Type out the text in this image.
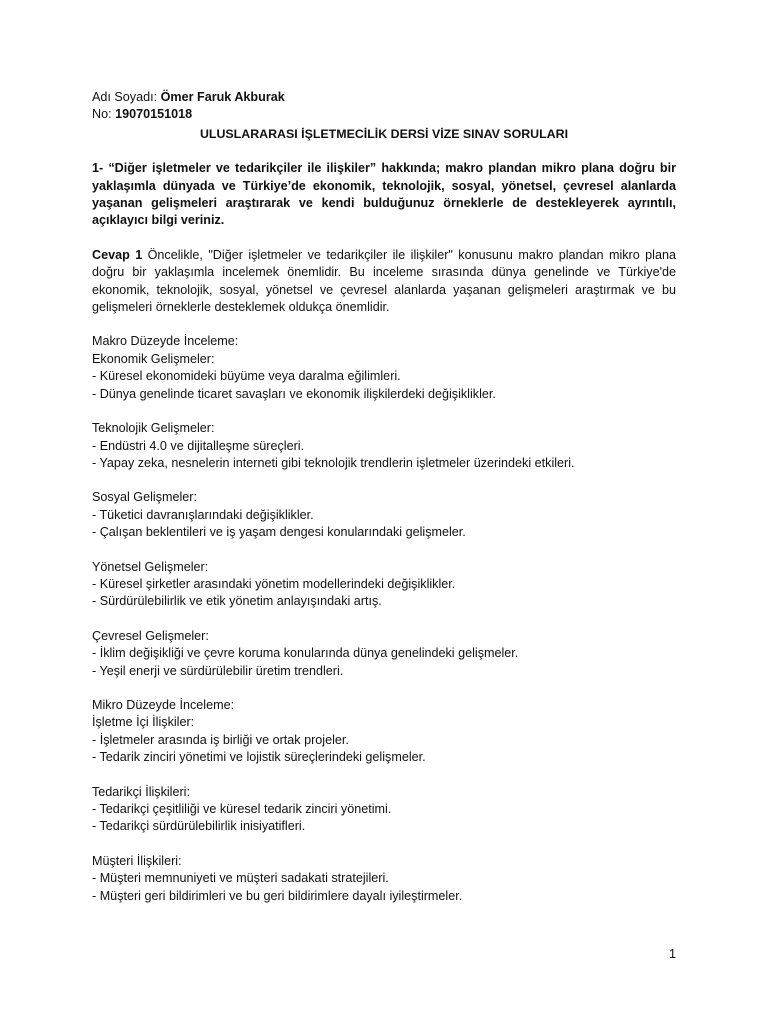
Adı Soyadı: Ömer Faruk Akburak
No: 19070151018
ULUSLARARASI İŞLETMECİLİK DERSİ VİZE SINAV SORULARI
1- “Diğer işletmeler ve tedarikçiler ile ilişkiler” hakkında; makro plandan mikro plana doğru bir yaklaşımla dünyada ve Türkiye’de ekonomik, teknolojik, sosyal, yönetsel, çevresel alanlarda yaşanan gelişmeleri araştırarak ve kendi bulduğunuz örneklerle de destekleyerek ayrıntılı, açıklayıcı bilgi veriniz.
Cevap 1 Öncelikle, "Diğer işletmeler ve tedarikçiler ile ilişkiler" konusunu makro plandan mikro plana doğru bir yaklaşımla incelemek önemlidir. Bu inceleme sırasında dünya genelinde ve Türkiye'de ekonomik, teknolojik, sosyal, yönetsel ve çevresel alanlarda yaşanan gelişmeleri araştırmak ve bu gelişmeleri örneklerle desteklemek oldukça önemlidir.
Makro Düzeyde İnceleme:
Ekonomik Gelişmeler:
- Küresel ekonomideki büyüme veya daralma eğilimleri.
- Dünya genelinde ticaret savaşları ve ekonomik ilişkilerdeki değişiklikler.
Teknolojik Gelişmeler:
- Endüstri 4.0 ve dijitalleşme süreçleri.
- Yapay zeka, nesnelerin interneti gibi teknolojik trendlerin işletmeler üzerindeki etkileri.
Sosyal Gelişmeler:
- Tüketici davranışlarındaki değişiklikler.
- Çalışan beklentileri ve iş yaşam dengesi konularındaki gelişmeler.
Yönetsel Gelişmeler:
- Küresel şirketler arasındaki yönetim modellerindeki değişiklikler.
- Sürdürülebilirlik ve etik yönetim anlayışındaki artış.
Çevresel Gelişmeler:
- İklim değişikliği ve çevre koruma konularında dünya genelindeki gelişmeler.
- Yeşil enerji ve sürdürülebilir üretim trendleri.
Mikro Düzeyde İnceleme:
İşletme İçi İlişkiler:
- İşletmeler arasında iş birliği ve ortak projeler.
- Tedarik zinciri yönetimi ve lojistik süreçlerindeki gelişmeler.
Tedarikçi İlişkileri:
- Tedarikçi çeşitliliği ve küresel tedarik zinciri yönetimi.
- Tedarikçi sürdürülebilirlik inisiyatifleri.
Müşteri İlişkileri:
- Müşteri memnuniyeti ve müşteri sadakati stratejileri.
- Müşteri geri bildirimleri ve bu geri bildirimlere dayalı iyileştirmeler.
1
